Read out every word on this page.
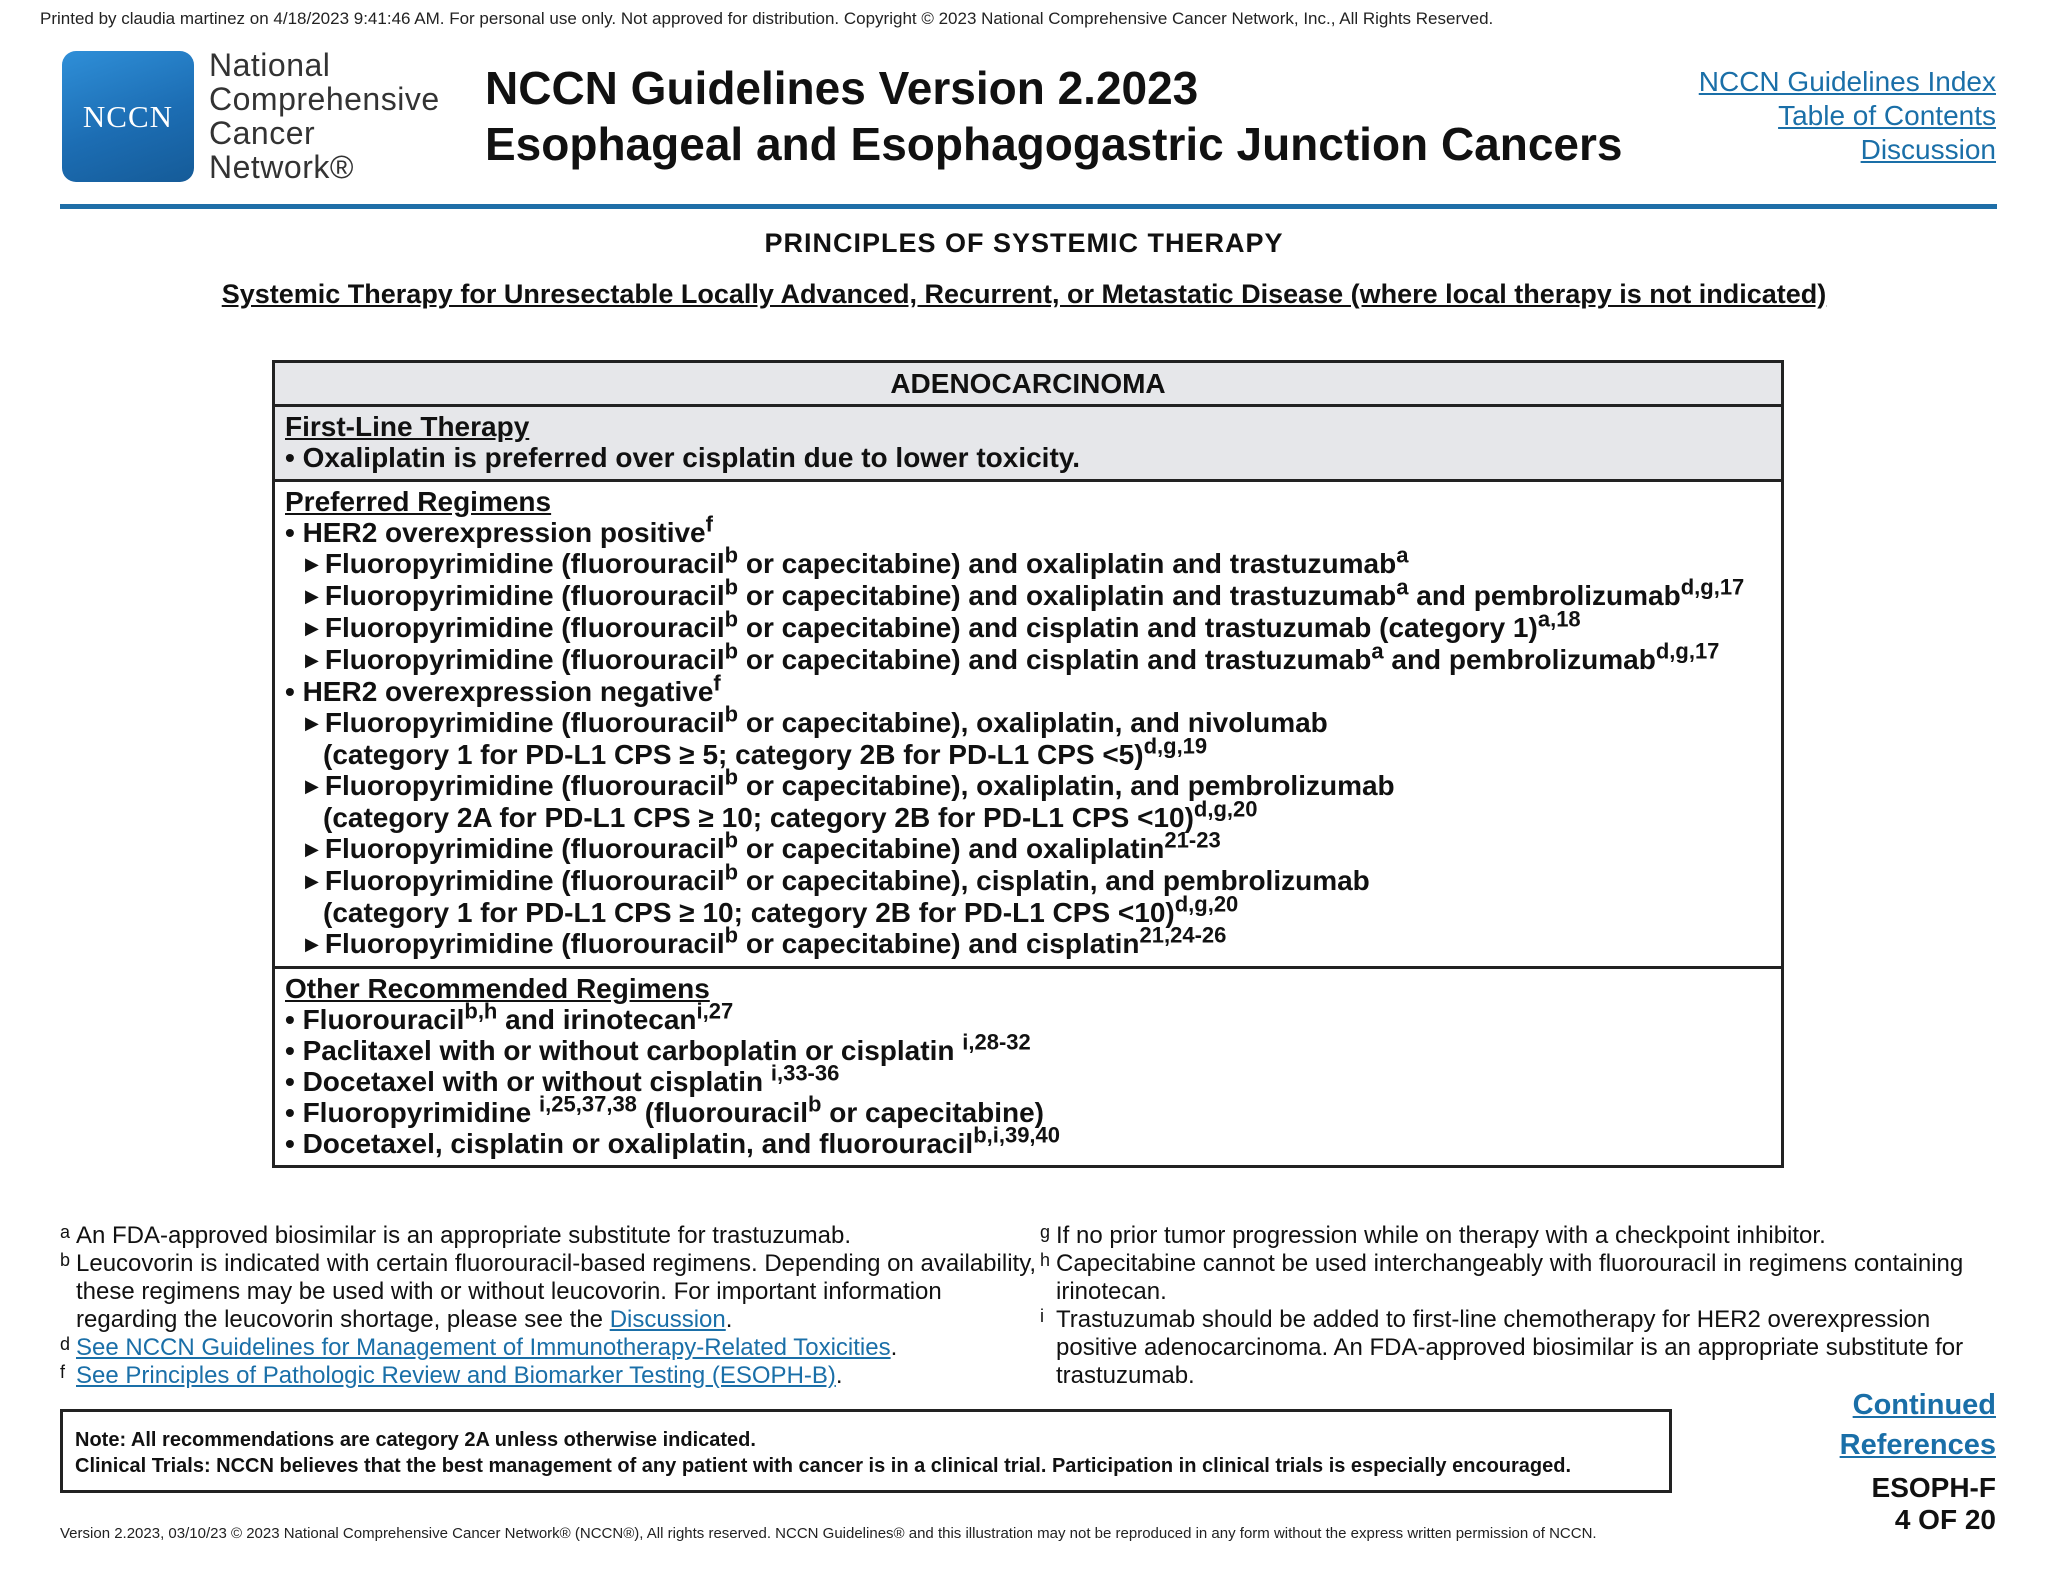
Printed by claudia martinez on 4/18/2023 9:41:46 AM. For personal use only. Not approved for distribution. Copyright © 2023 National Comprehensive Cancer Network, Inc., All Rights Reserved.
NCCN
National
Comprehensive
Cancer
Network®
NCCN Guidelines Version 2.2023
Esophageal and Esophagogastric Junction Cancers
NCCN Guidelines Index
Table of Contents
Discussion
PRINCIPLES OF SYSTEMIC THERAPY
Systemic Therapy for Unresectable Locally Advanced, Recurrent, or Metastatic Disease (where local therapy is not indicated)
ADENOCARCINOMA
First-Line Therapy
• Oxaliplatin is preferred over cisplatin due to lower toxicity.
Preferred Regimens
• HER2 overexpression positive$^f$
▶ Fluoropyrimidine (fluorouracil$^b$ or capecitabine) and oxaliplatin and trastuzumab$^a$
▶ Fluoropyrimidine (fluorouracil$^b$ or capecitabine) and oxaliplatin and trastuzumab$^a$ and pembrolizumab$^{d,g,17}$
▶ Fluoropyrimidine (fluorouracil$^b$ or capecitabine) and cisplatin and trastuzumab (category 1)$^{a,18}$
▶ Fluoropyrimidine (fluorouracil$^b$ or capecitabine) and cisplatin and trastuzumab$^a$ and pembrolizumab$^{d,g,17}$
• HER2 overexpression negative$^f$
▶ Fluoropyrimidine (fluorouracil$^b$ or capecitabine), oxaliplatin, and nivolumab
(category 1 for PD-L1 CPS ≥ 5; category 2B for PD-L1 CPS <5)$^{d,g,19}$
▶ Fluoropyrimidine (fluorouracil$^b$ or capecitabine), oxaliplatin, and pembrolizumab
(category 2A for PD-L1 CPS ≥ 10; category 2B for PD-L1 CPS <10)$^{d,g,20}$
▶ Fluoropyrimidine (fluorouracil$^b$ or capecitabine) and oxaliplatin$^{21-23}$
▶ Fluoropyrimidine (fluorouracil$^b$ or capecitabine), cisplatin, and pembrolizumab
(category 1 for PD-L1 CPS ≥ 10; category 2B for PD-L1 CPS <10)$^{d,g,20}$
▶ Fluoropyrimidine (fluorouracil$^b$ or capecitabine) and cisplatin$^{21,24-26}$
Other Recommended Regimens
• Fluorouracil$^{b,h}$ and irinotecan$^{i,27}$
• Paclitaxel with or without carboplatin or cisplatin $^{i,28-32}$
• Docetaxel with or without cisplatin $^{i,33-36}$
• Fluoropyrimidine $^{i,25,37,38}$ (fluorouracil$^b$ or capecitabine)
• Docetaxel, cisplatin or oxaliplatin, and fluorouracil$^{b,i,39,40}$
a An FDA-approved biosimilar is an appropriate substitute for trastuzumab.
b Leucovorin is indicated with certain fluorouracil-based regimens. Depending on availability, these regimens may be used with or without leucovorin. For important information regarding the leucovorin shortage, please see the Discussion.
d See NCCN Guidelines for Management of Immunotherapy-Related Toxicities.
f See Principles of Pathologic Review and Biomarker Testing (ESOPH-B).
g If no prior tumor progression while on therapy with a checkpoint inhibitor.
h Capecitabine cannot be used interchangeably with fluorouracil in regimens containing irinotecan.
i Trastuzumab should be added to first-line chemotherapy for HER2 overexpression positive adenocarcinoma. An FDA-approved biosimilar is an appropriate substitute for trastuzumab.
Note: All recommendations are category 2A unless otherwise indicated.
Clinical Trials: NCCN believes that the best management of any patient with cancer is in a clinical trial. Participation in clinical trials is especially encouraged.
Continued
References
ESOPH-F
4 OF 20
Version 2.2023, 03/10/23 © 2023 National Comprehensive Cancer Network® (NCCN®), All rights reserved. NCCN Guidelines® and this illustration may not be reproduced in any form without the express written permission of NCCN.
